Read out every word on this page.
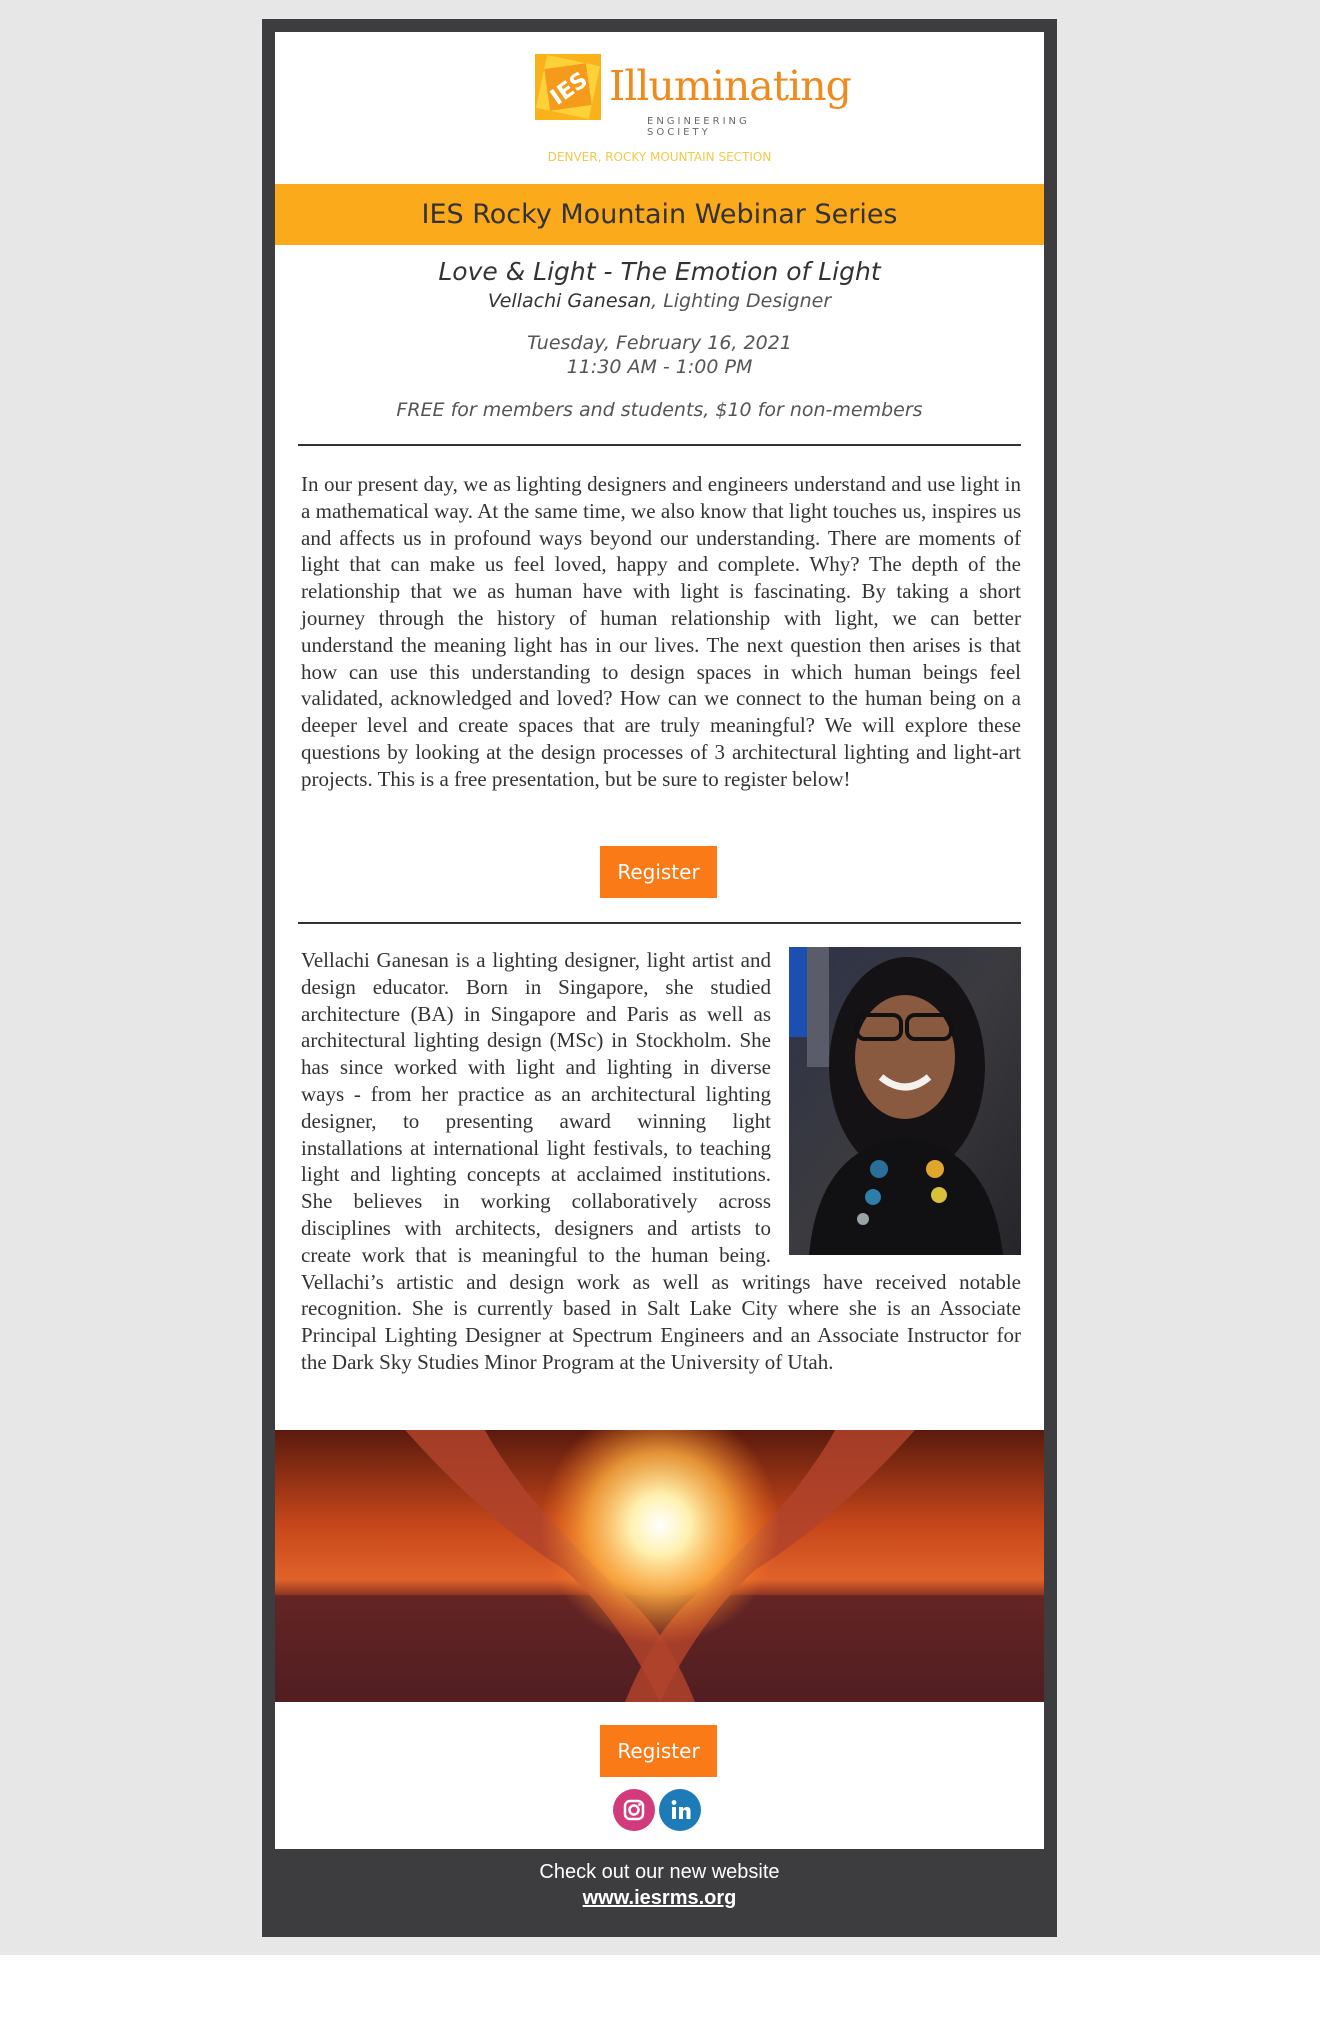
IES Illuminating
ENGINEERING SOCIETY
DENVER, ROCKY MOUNTAIN SECTION
IES Rocky Mountain Webinar Series
Love & Light - The Emotion of Light
Vellachi Ganesan, Lighting Designer
Tuesday, February 16, 2021
11:30 AM - 1:00 PM
FREE for members and students, $10 for non-members
In our present day, we as lighting designers and engineers understand and use light in a mathematical way. At the same time, we also know that light touches us, inspires us and affects us in profound ways beyond our understanding. There are moments of light that can make us feel loved, happy and complete. Why? The depth of the relationship that we as human have with light is fascinating. By taking a short journey through the history of human relationship with light, we can better understand the meaning light has in our lives. The next question then arises is that how can use this understanding to design spaces in which human beings feel validated, acknowledged and loved? How can we connect to the human being on a deeper level and create spaces that are truly meaningful? We will explore these questions by looking at the design processes of 3 architectural lighting and light-art projects. This is a free presentation, but be sure to register below!
Register
Vellachi Ganesan is a lighting designer, light artist and design educator. Born in Singapore, she studied architecture (BA) in Singapore and Paris as well as architectural lighting design (MSc) in Stockholm. She has since worked with light and lighting in diverse ways - from her practice as an architectural lighting designer, to presenting award winning light installations at international light festivals, to teaching light and lighting concepts at acclaimed institutions. She believes in working collaboratively across disciplines with architects, designers and artists to create work that is meaningful to the human being. Vellachi’s artistic and design work as well as writings have received notable recognition. She is currently based in Salt Lake City where she is an Associate Principal Lighting Designer at Spectrum Engineers and an Associate Instructor for the Dark Sky Studies Minor Program at the University of Utah.
Register
Check out our new website
www.iesrms.org
